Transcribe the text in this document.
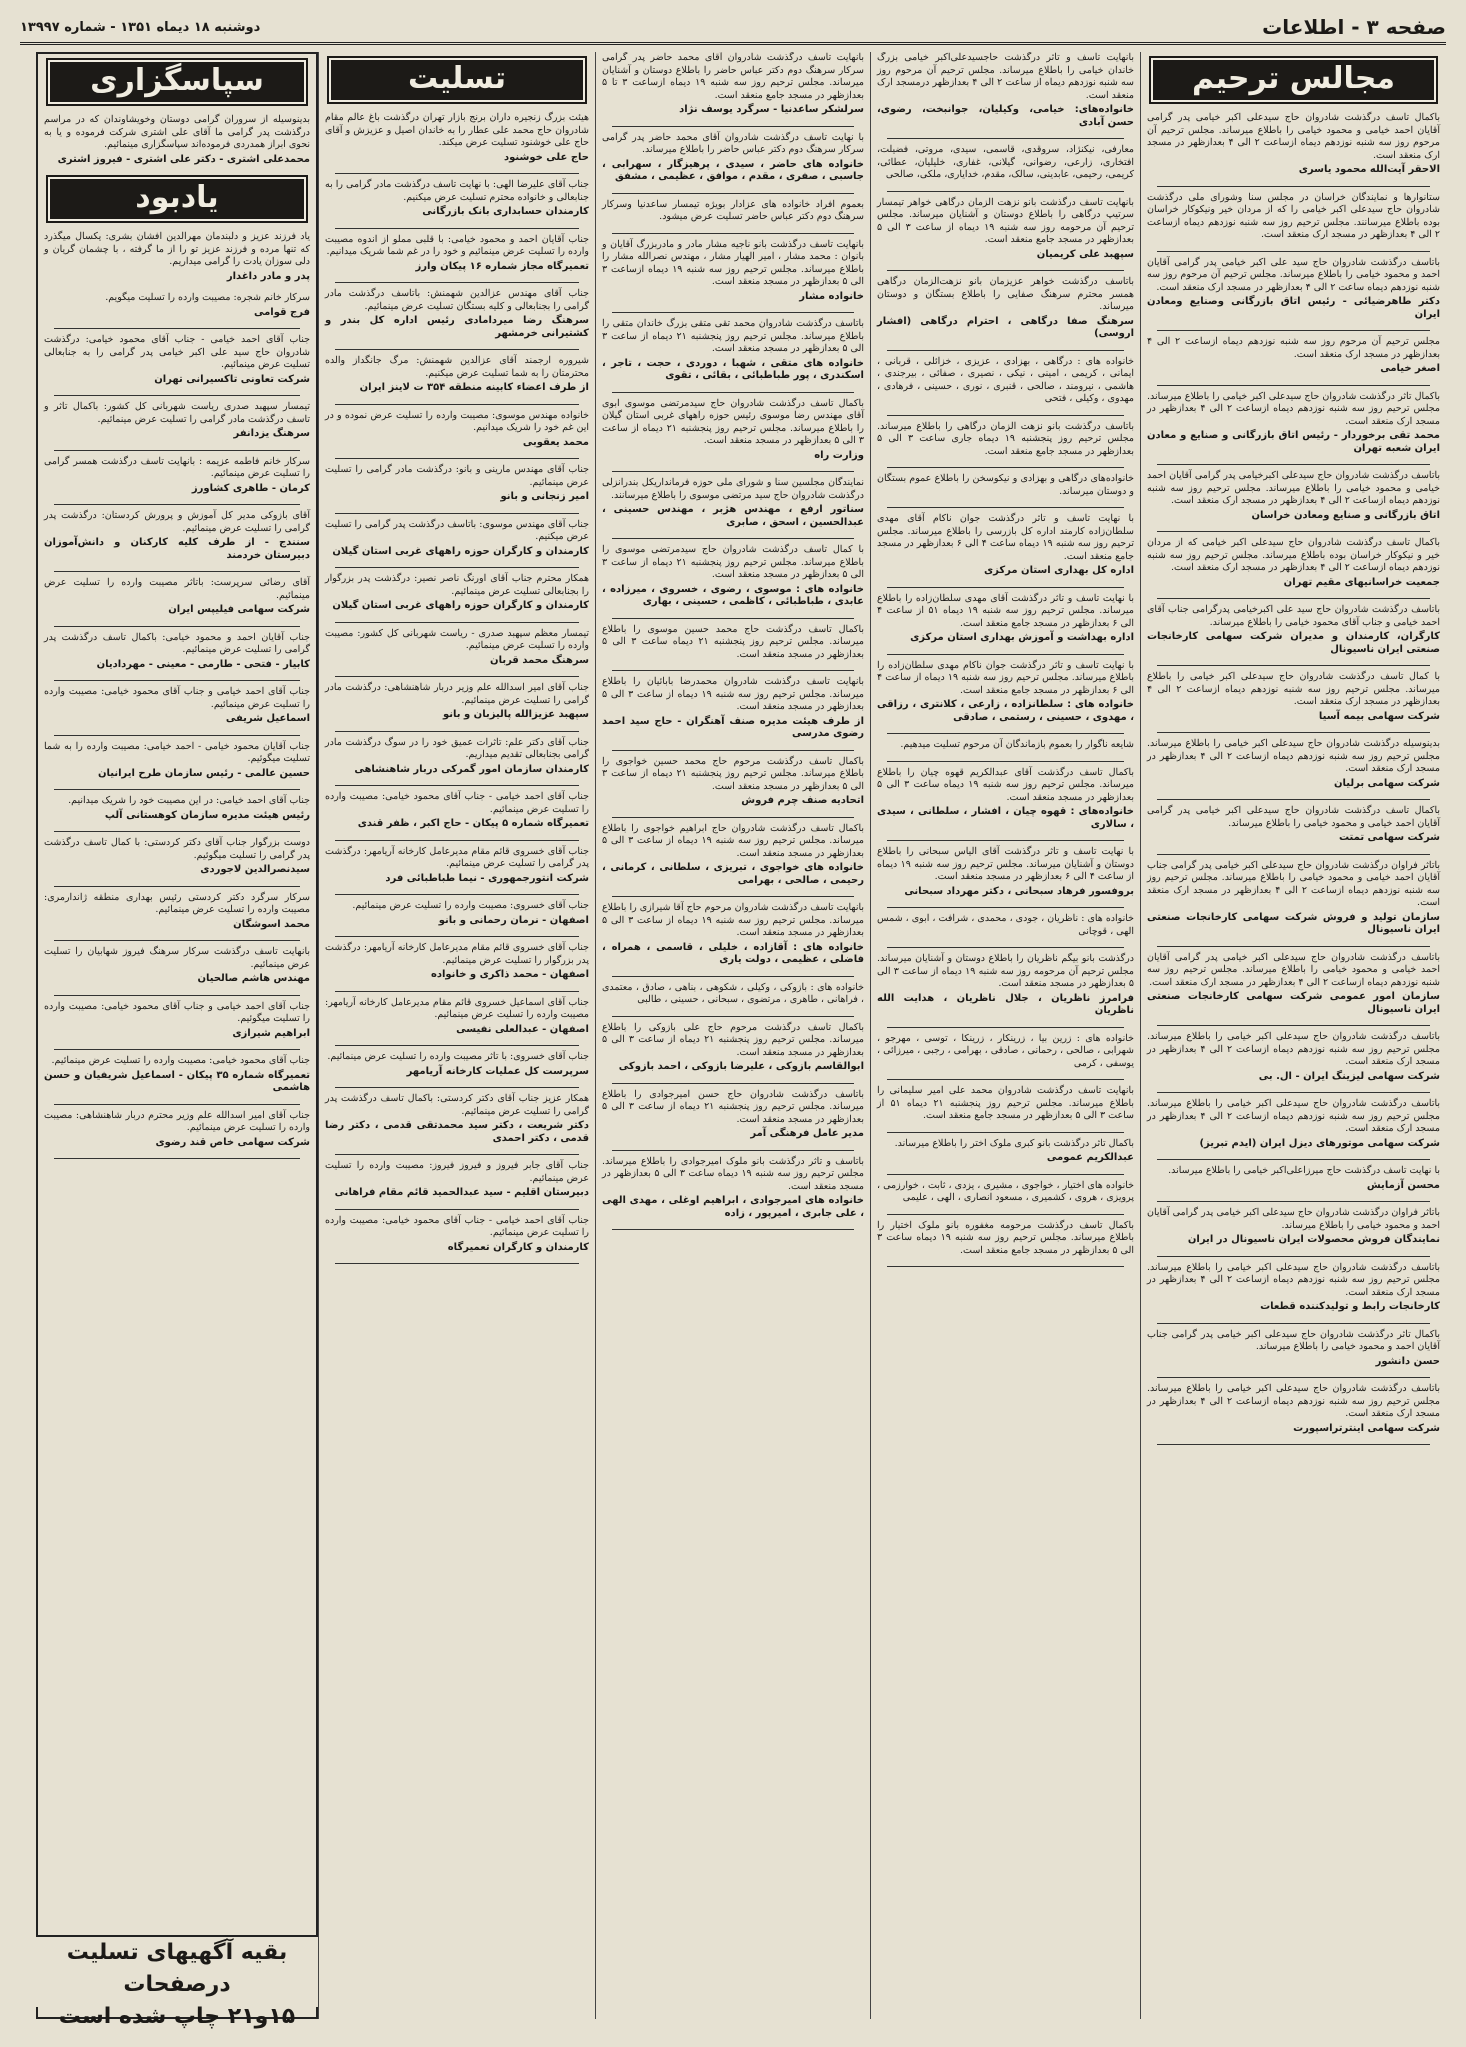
صفحه ۳ - اطلاعات
دوشنبه ۱۸ دیماه ۱۳۵۱ - شماره ۱۳۹۹۷
مجالس ترحیم

باکمال تاسف درگذشت شادروان حاج سیدعلی اکبر خیامی پدر گرامی آقایان احمد خیامی و محمود خیامی را باطلاع میرساند. مجلس ترحیم آن مرحوم روز سه شنبه نوزدهم دیماه ازساعت ۲ الی ۴ بعدازظهر در مسجد ارک منعقد است.

الاحقر آیت‌الله محمود یاسری

ستانوارها و نمایندگان خراسان در مجلس سنا وشورای ملی درگذشت شادروان حاج سیدعلی اکبر خیامی را که از مردان خیر ونیکوکار خراسان بوده باطلاع میرسانند. مجلس ترحیم روز سه شنبه نوزدهم دیماه ازساعت ۲ الی ۴ بعدازظهر در مسجد ارک منعقد است.

باتاسف درگذشت شادروان حاج سید علی اکبر خیامی پدر گرامی آقایان احمد و محمود خیامی را باطلاع میرساند. مجلس ترحیم آن مرحوم روز سه شنبه نوزدهم دیماه ساعت ۲ الی ۴ بعدازظهر در مسجد ارک منعقد است.

دکتر طاهرضیائی - رئیس اتاق بازرگانی وصنایع ومعادن ایران

مجلس ترحیم آن مرحوم روز سه شنبه نوزدهم دیماه ازساعت ۲ الی ۴ بعدازظهر در مسجد ارک منعقد است.

اصغر خیامی

باکمال تاثر درگذشت شادروان حاج سیدعلی اکبر خیامی را باطلاع میرساند. مجلس ترحیم روز سه شنبه نوزدهم دیماه ازساعت ۲ الی ۴ بعدازظهر در مسجد ارک منعقد است.

محمد تقی برخوردار - رئیس اتاق بازرگانی و صنایع و معادن ایران شعبه تهران

باتاسف درگذشت شادروان حاج سیدعلی اکبرخیامی پدر گرامی آقایان احمد خیامی و محمود خیامی را باطلاع میرساند. مجلس ترحیم روز سه شنبه نوزدهم دیماه ازساعت ۲ الی ۴ بعدازظهر در مسجد ارک منعقد است.

اتاق بازرگانی و صنایع ومعادن خراسان

باکمال تاسف درگذشت شادروان حاج سیدعلی اکبر خیامی که از مردان خیر و نیکوکار خراسان بوده باطلاع میرساند. مجلس ترحیم روز سه شنبه نوزدهم دیماه ازساعت ۲ الی ۴ بعدازظهر در مسجد ارک منعقد است.

جمعیت خراسانیهای مقیم تهران

باتاسف درگذشت شادروان حاج سید علی اکبرخیامی پدرگرامی جناب آقای احمد خیامی و جناب آقای محمود خیامی را باطلاع میرساند.

کارگران، کارمندان و مدیران شرکت سهامی کارخانجات صنعتی ایران ناسیونال

با کمال تاسف درگذشت شادروان حاج سیدعلی اکبر خیامی را باطلاع میرساند. مجلس ترحیم روز سه شنبه نوزدهم دیماه ازساعت ۲ الی ۴ بعدازظهر در مسجد ارک منعقد است.

شرکت سهامی بیمه آسیا

بدینوسیله درگذشت شادروان حاج سیدعلی اکبر خیامی را باطلاع میرساند. مجلس ترحیم روز سه شنبه نوزدهم دیماه ازساعت ۲ الی ۴ بعدازظهر در مسجد ارک منعقد است.

شرکت سهامی برلیان

باکمال تاسف درگذشت شادروان حاج سیدعلی اکبر خیامی پدر گرامی آقایان احمد خیامی و محمود خیامی را باطلاع میرساند.

شرکت سهامی تمتت

باتاثر فراوان درگذشت شادروان حاج سیدعلی اکبر خیامی پدر گرامی جناب آقایان احمد خیامی و محمود خیامی را باطلاع میرساند. مجلس ترحیم روز سه شنبه نوزدهم دیماه ازساعت ۲ الی ۴ بعدازظهر در مسجد ارک منعقد است.

سازمان تولید و فروش شرکت سهامی کارخانجات صنعتی ایران ناسیونال

باتاسف درگذشت شادروان حاج سیدعلی اکبر خیامی پدر گرامی آقایان احمد خیامی و محمود خیامی را باطلاع میرساند. مجلس ترحیم روز سه شنبه نوزدهم دیماه ازساعت ۲ الی ۴ بعدازظهر در مسجد ارک منعقد است.

سازمان امور عمومی شرکت سهامی کارخانجات صنعتی ایران ناسیونال

باتاسف درگذشت شادروان حاج سیدعلی اکبر خیامی را باطلاع میرساند. مجلس ترحیم روز سه شنبه نوزدهم دیماه ازساعت ۲ الی ۴ بعدازظهر در مسجد ارک منعقد است.

شرکت سهامی لیزینگ ایران - ال. بی

باتاسف درگذشت شادروان حاج سیدعلی اکبر خیامی را باطلاع میرساند. مجلس ترحیم روز سه شنبه نوزدهم دیماه ازساعت ۲ الی ۴ بعدازظهر در مسجد ارک منعقد است.

شرکت سهامی موتورهای دیزل ایران (ایدم تبریز)

با نهایت تاسف درگذشت حاج میرزاعلی‌اکبر خیامی را باطلاع میرساند.

محسن آزمایش

باتاثر فراوان درگذشت شادروان حاج سیدعلی اکبر خیامی پدر گرامی آقایان احمد و محمود خیامی را باطلاع میرساند.

نمایندگان فروش محصولات ایران ناسیونال در ایران

باتاسف درگذشت شادروان حاج سیدعلی اکبر خیامی را باطلاع میرساند. مجلس ترحیم روز سه شنبه نوزدهم دیماه ازساعت ۲ الی ۴ بعدازظهر در مسجد ارک منعقد است.

کارخانجات رابط و تولیدکننده قطعات

باکمال تاثر درگذشت شادروان حاج سیدعلی اکبر خیامی پدر گرامی جناب آقایان احمد و محمود خیامی را باطلاع میرساند.

حسن دانشور

باتاسف درگذشت شادروان حاج سیدعلی اکبر خیامی را باطلاع میرساند. مجلس ترحیم روز سه شنبه نوزدهم دیماه ازساعت ۲ الی ۴ بعدازظهر در مسجد ارک منعقد است.

شرکت سهامی اینترتراسپورت

بانهایت تاسف و تاثر درگذشت حاجسیدعلی‌اکبر خیامی بزرگ خاندان خیامی را باطلاع میرساند. مجلس ترحیم آن مرحوم روز سه شنبه نوزدهم دیماه از ساعت ۲ الی ۴ بعدازظهر درمسجد ارک منعقد است.

خانواده‌های: خیامی، وکیلیان، جوانبخت، رضوی، حسن آبادی

معارفی، نیکنژاد، سروقدی، قاسمی، سیدی، مروتی، فضیلت، افتخاری، زارعی، رضوانی، گیلانی، غفاری، خلیلیان، عطائی، کریمی، رحیمی، عابدینی، سالک، مقدم، خدایاری، ملکی، صالحی

بانهایت تاسف درگذشت بانو نزهت الزمان درگاهی خواهر تیمسار سرتیپ درگاهی را باطلاع دوستان و آشنایان میرساند. مجلس ترحیم آن مرحومه روز سه شنبه ۱۹ دیماه از ساعت ۳ الی ۵ بعدازظهر در مسجد جامع منعقد است.

سپهبد علی کریمیان

باتاسف درگذشت خواهر عزیزمان بانو نزهت‌الزمان درگاهی همسر محترم سرهنگ صفایی را باطلاع بستگان و دوستان میرساند.

سرهنگ صفا درگاهی ، احترام درگاهی (افشار اروسی)

خانواده های : درگاهی ، بهزادی ، عزیزی ، خزائلی ، قربانی ، ایمانی ، کریمی ، امینی ، نیکی ، نصیری ، صفائی ، بیرجندی ، هاشمی ، نیرومند ، صالحی ، قنبری ، نوری ، حسینی ، فرهادی ، مهدوی ، وکیلی ، فتحی

باتاسف درگذشت بانو نزهت الزمان درگاهی را باطلاع میرساند. مجلس ترحیم روز پنجشنبه ۱۹ دیماه جاری ساعت ۳ الی ۵ بعدازظهر در مسجد جامع منعقد است.

خانواده‌های درگاهی و بهزادی و نیکوسخن را باطلاع عموم بستگان و دوستان میرساند.

با نهایت تاسف و تاثر درگذشت جوان ناکام آقای مهدی سلطان‌زاده کارمند اداره کل بازرسی را باطلاع میرساند. مجلس ترحیم روز سه شنبه ۱۹ دیماه ساعت ۴ الی ۶ بعدازظهر در مسجد جامع منعقد است.

اداره کل بهداری استان مرکزی

با نهایت تاسف و تاثر درگذشت آقای مهدی سلطان‌زاده را باطلاع میرساند. مجلس ترحیم روز سه شنبه ۱۹ دیماه ۵۱ از ساعت ۴ الی ۶ بعدازظهر در مسجد جامع منعقد است.

اداره بهداشت و آموزش بهداری استان مرکزی

با نهایت تاسف و تاثر درگذشت جوان ناکام مهدی سلطان‌زاده را باطلاع میرساند. مجلس ترحیم روز سه شنبه ۱۹ دیماه از ساعت ۴ الی ۶ بعدازظهر در مسجد جامع منعقد است.

خانواده های : سلطانزاده ، زارعی ، کلانتری ، رزاقی ، مهدوی ، حسینی ، رستمی ، صادقی

شایعه ناگوار را بعموم بازماندگان آن مرحوم تسلیت میدهیم.

باکمال تاسف درگذشت آقای عبدالکریم قهوه چیان را باطلاع میرساند. مجلس ترحیم روز سه شنبه ۱۹ دیماه ساعت ۳ الی ۵ بعدازظهر در مسجد منعقد است.

خانواده‌های : قهوه چیان ، افشار ، سلطانی ، سیدی ، سالاری

با نهایت تاسف و تاثر درگذشت آقای الیاس سبحانی را باطلاع دوستان و آشنایان میرساند. مجلس ترحیم روز سه شنبه ۱۹ دیماه از ساعت ۴ الی ۶ بعدازظهر در مسجد منعقد است.

بروفسور فرهاد سبحانی ، دکتر مهرداد سبحانی

خانواده های : ناظریان ، جودی ، محمدی ، شرافت ، ابوی ، شمس الهی ، قوچانی

درگذشت بانو بیگم ناظریان را باطلاع دوستان و آشنایان میرساند. مجلس ترحیم آن مرحومه روز سه شنبه ۱۹ دیماه از ساعت ۳ الی ۵ بعدازظهر در مسجد منعقد است.

فرامرز ناظریان ، جلال ناظریان ، هدایت الله ناظریان

خانواده های : زرین بیا ، زرینکار ، زرینکا ، توسی ، مهرجو ، شهرابی ، صالحی ، رحمانی ، صادقی ، بهرامی ، رجبی ، میرزائی ، یوسفی ، کرمی

بانهایت تاسف درگذشت شادروان محمد علی امیر سلیمانی را باطلاع میرساند. مجلس ترحیم روز پنجشنبه ۲۱ دیماه ۵۱ از ساعت ۳ الی ۵ بعدازظهر در مسجد جامع منعقد است.

باکمال تاثر درگذشت بانو کبری ملوک اختر را باطلاع میرساند.

عبدالکریم عمومی

خانواده های اختیار ، خواجوی ، مشیری ، یزدی ، ثابت ، خوارزمی ، پرویزی ، هروی ، کشمیری ، مسعود انصاری ، الهی ، علیمی

باکمال تاسف درگذشت مرحومه مغفوره بانو ملوک اختیار را باطلاع میرساند. مجلس ترحیم روز سه شنبه ۱۹ دیماه ساعت ۳ الی ۵ بعدازظهر در مسجد جامع منعقد است.

بانهایت تاسف درگذشت شادروان آقای محمد حاضر پدر گرامی سرکار سرهنگ دوم دکتر عباس حاضر را باطلاع دوستان و آشنایان میرساند. مجلس ترحیم روز سه شنبه ۱۹ دیماه ازساعت ۳ تا ۵ بعدازظهر در مسجد جامع منعقد است.

سرلشکر ساعدنیا - سرگرد یوسف نژاد

با نهایت تاسف درگذشت شادروان آقای محمد حاضر پدر گرامی سرکار سرهنگ دوم دکتر عباس حاضر را باطلاع میرساند.

خانواده های حاضر ، سیدی ، پرهیزگار ، سهرابی ، جاسبی ، صفری ، مقدم ، موافق ، عظیمی ، مشفق

بعموم افراد خانواده های عزادار بویژه تیمسار ساعدنیا وسرکار سرهنگ دوم دکتر عباس حاضر تسلیت عرض میشود.

بانهایت تاسف درگذشت بانو ناجیه مشار مادر و مادربزرگ آقایان و بانوان : محمد مشار ، امیر الهیار مشار ، مهندس نصرالله مشار را باطلاع میرساند. مجلس ترحیم روز سه شنبه ۱۹ دیماه ازساعت ۳ الی ۵ بعدازظهر در مسجد منعقد است.

خانواده مشار

باتاسف درگذشت شادروان محمد تقی متقی بزرگ خاندان متقی را باطلاع میرساند. مجلس ترحیم روز پنجشنبه ۲۱ دیماه از ساعت ۳ الی ۵ بعدازظهر در مسجد منعقد است.

خانواده های متقی ، شهبا ، دوردی ، حجت ، تاجر ، اسکندری ، پور طباطبائی ، بقائی ، تقوی

باکمال تاسف درگذشت شادروان حاج سیدمرتضی موسوی ابوی آقای مهندس رضا موسوی رئیس حوزه راههای غربی استان گیلان را باطلاع میرساند. مجلس ترحیم روز پنجشنبه ۲۱ دیماه از ساعت ۳ الی ۵ بعدازظهر در مسجد منعقد است.

وزارت راه

نمایندگان مجلسین سنا و شورای ملی حوزه فرمانداریکل بندرانزلی درگذشت شادروان حاج سید مرتضی موسوی را باطلاع میرسانند.

سناتور ارفع ، مهندس هژبر ، مهندس حسینی ، عبدالحسین ، اسحق ، صابری

با کمال تاسف درگذشت شادروان حاج سیدمرتضی موسوی را باطلاع میرساند. مجلس ترحیم روز پنجشنبه ۲۱ دیماه از ساعت ۳ الی ۵ بعدازظهر در مسجد منعقد است.

خانواده های : موسوی ، رضوی ، خسروی ، میرزاده ، عابدی ، طباطبائی ، کاظمی ، حسینی ، بهاری

باکمال تاسف درگذشت حاج محمد حسین موسوی را باطلاع میرساند. مجلس ترحیم روز پنجشنبه ۲۱ دیماه ساعت ۳ الی ۵ بعدازظهر در مسجد منعقد است.

بانهایت تاسف درگذشت شادروان محمدرضا بابائیان را باطلاع میرساند. مجلس ترحیم روز سه شنبه ۱۹ دیماه از ساعت ۳ الی ۵ بعدازظهر در مسجد منعقد است.

از طرف هیئت مدیره صنف آهنگران - حاج سید احمد رضوی مدرسی

باکمال تاسف درگذشت مرحوم حاج محمد حسین خواجوی را باطلاع میرساند. مجلس ترحیم روز پنجشنبه ۲۱ دیماه از ساعت ۳ الی ۵ بعدازظهر در مسجد منعقد است.

اتحادیه صنف چرم فروش

باکمال تاسف درگذشت شادروان حاج ابراهیم خواجوی را باطلاع میرساند. مجلس ترحیم روز سه شنبه ۱۹ دیماه از ساعت ۳ الی ۵ بعدازظهر در مسجد منعقد است.

خانواده های خواجوی ، تبریزی ، سلطانی ، کرمانی ، رحیمی ، صالحی ، بهرامی

بانهایت تاسف درگذشت شادروان مرحوم حاج آقا شیرازی را باطلاع میرساند. مجلس ترحیم روز سه شنبه ۱۹ دیماه از ساعت ۳ الی ۵ بعدازظهر در مسجد منعقد است.

خانواده های : آقازاده ، خلیلی ، قاسمی ، همراه ، فاضلی ، عظیمی ، دولت یاری

خانواده های : بازوکی ، وکیلی ، شکوهی ، بناهی ، صادق ، معتمدی ، فراهانی ، طاهری ، مرتضوی ، سبحانی ، حسینی ، طالبی

باکمال تاسف درگذشت مرحوم حاج علی بازوکی را باطلاع میرساند. مجلس ترحیم روز پنجشنبه ۲۱ دیماه از ساعت ۳ الی ۵ بعدازظهر در مسجد منعقد است.

ابوالقاسم بازوکی ، علیرضا بازوکی ، احمد بازوکی

باتاسف درگذشت شادروان حاج حسن امیرجوادی را باطلاع میرساند. مجلس ترحیم روز پنجشنبه ۲۱ دیماه از ساعت ۳ الی ۵ بعدازظهر در مسجد منعقد است.

مدیر عامل فرهنگی آمر

باتاسف و تاثر درگذشت بانو ملوک امیرجوادی را باطلاع میرساند. مجلس ترحیم روز سه شنبه ۱۹ دیماه ساعت ۳ الی ۵ بعدازظهر در مسجد منعقد است.

خانواده های امیرجوادی ، ابراهیم اوغلی ، مهدی الهی ، علی جابری ، امیرپور ، زاده
تسلیت

هیئت بزرگ زنجیره داران برنج بازار تهران درگذشت باغ عالم مقام شادروان حاج محمد علی عطار را به خاندان اصیل و عزیزش و آقای حاج علی خوشنود تسلیت عرض میکند.

حاج علی خوشنود

جناب آقای علیرضا الهی: با نهایت تاسف درگذشت مادر گرامی را به جنابعالی و خانواده محترم تسلیت عرض میکنیم.

کارمندان حسابداری بانک بازرگانی

جناب آقایان احمد و محمود خیامی: با قلبی مملو از اندوه مصیبت وارده را تسلیت عرض مینمائیم و خود را در غم شما شریک میدانیم.

تعمیرگاه مجاز شماره ۱۶ پیکان وارز

جناب آقای مهندس عزالدین شهمنش: باتاسف درگذشت مادر گرامی را بجنابعالی و کلیه بستگان تسلیت عرض مینمائیم.

سرهنگ رضا میردامادی رئیس اداره کل بندر و کشتیرانی خرمشهر

شیروره ارجمند آقای عزالدین شهمنش: مرگ جانگداز والده محترمتان را به شما تسلیت عرض میکنیم.

از طرف اعضاء کابینه منطقه ۳۵۴ ت لاینز ایران

خانواده مهندس موسوی: مصیبت وارده را تسلیت عرض نموده و در این غم خود را شریک میدانیم.

محمد یعقوبی

جناب آقای مهندس مارینی و بانو: درگذشت مادر گرامی را تسلیت عرض مینمائیم.

امیر زنجانی و بانو

جناب آقای مهندس موسوی: باتاسف درگذشت پدر گرامی را تسلیت عرض میکنیم.

کارمندان و کارگران حوزه راههای غربی استان گیلان

همکار محترم جناب آقای اورنگ ناصر نصیر: درگذشت پدر بزرگوار را بجنابعالی تسلیت عرض مینمائیم.

کارمندان و کارگران حوزه راههای غربی استان گیلان

تیمسار معظم سپهبد صدری - ریاست شهربانی کل کشور: مصیبت وارده را تسلیت عرض مینمائیم.

سرهنگ محمد قربان

جناب آقای امیر اسدالله علم وزیر دربار شاهنشاهی: درگذشت مادر گرامی را تسلیت عرض مینمائیم.

سپهبد عزیزالله پالیزبان و بانو

جناب آقای دکتر علم: تاثرات عمیق خود را در سوگ درگذشت مادر گرامی بجنابعالی تقدیم میداریم.

کارمندان سازمان امور گمرکی دربار شاهنشاهی

جناب آقای احمد خیامی - جناب آقای محمود خیامی: مصیبت وارده را تسلیت عرض مینمائیم.

تعمیرگاه شماره ۵ پیکان - حاج اکبر ، ظفر قندی

جناب آقای خسروی قائم مقام مدیرعامل کارخانه آریامهر: درگذشت پدر گرامی را تسلیت عرض مینمائیم.

شرکت انتورجمهوری - نیما طباطبائی فرد

جناب آقای خسروی: مصیبت وارده را تسلیت عرض مینمائیم.

اصفهان - نرمان رحمانی و بانو

جناب آقای خسروی قائم مقام مدیرعامل کارخانه آریامهر: درگذشت پدر بزرگوار را تسلیت عرض مینمائیم.

اصفهان - محمد ذاکری و خانواده

جناب آقای اسماعیل خسروی قائم مقام مدیرعامل کارخانه آریامهر: مصیبت وارده را تسلیت عرض مینمائیم.

اصفهان - عبدالعلی نفیسی

جناب آقای خسروی: با تاثر مصیبت وارده را تسلیت عرض مینمائیم.

سرپرست کل عملیات کارخانه آریامهر

همکار عزیز جناب آقای دکتر کردستی: باکمال تاسف درگذشت پدر گرامی را تسلیت عرض مینمائیم.

دکتر شریعت ، دکتر سید محمدتقی قدمی ، دکتر رضا قدمی ، دکتر احمدی

جناب آقای جابر فیروز و فیروز فیروز: مصیبت وارده را تسلیت عرض مینمائیم.

دبیرستان اقلیم - سید عبدالحمید قائم مقام فراهانی

جناب آقای احمد خیامی - جناب آقای محمود خیامی: مصیبت وارده را تسلیت عرض مینمائیم.

کارمندان و کارگران تعمیرگاه
سپاسگزاری

بدینوسیله از سروران گرامی دوستان وخویشاوندان که در مراسم درگذشت پدر گرامی ما آقای علی اشتری شرکت فرموده و یا به نحوی ابراز همدردی فرموده‌اند سپاسگزاری مینمائیم.

محمدعلی اشتری - دکتر علی اشتری - فیروز اشتری
یادبود

یاد فرزند عزیز و دلبندمان مهرالدین افشان بشری: یکسال میگذرد که تنها مرده و فرزند عزیز تو را از ما گرفته ، با چشمان گریان و دلی سوزان یادت را گرامی میداریم.

پدر و مادر داغدار

سرکار خانم شجره: مصیبت وارده را تسلیت میگویم.

فرج قوامی

جناب آقای احمد خیامی - جناب آقای محمود خیامی: درگذشت شادروان حاج سید علی اکبر خیامی پدر گرامی را به جنابعالی تسلیت عرض مینمائیم.

شرکت تعاونی تاکسیرانی تهران

تیمسار سپهبد صدری ریاست شهربانی کل کشور: باکمال تاثر و تاسف درگذشت مادر گرامی را تسلیت عرض مینمائیم.

سرهنگ یزدانفر

سرکار خانم فاطمه عزیمه : بانهایت تاسف درگذشت همسر گرامی را تسلیت عرض مینمائیم.

کرمان - طاهری کشاورز

آقای بازوکی مدیر کل آموزش و پرورش کردستان: درگذشت پدر گرامی را تسلیت عرض مینمائیم.

سنندج - از طرف کلیه کارکنان و دانش‌آموزان دبیرستان خردمند

آقای رضائی سرپرست: باتاثر مصیبت وارده را تسلیت عرض مینمائیم.

شرکت سهامی فیلیپس ایران

جناب آقایان احمد و محمود خیامی: باکمال تاسف درگذشت پدر گرامی را تسلیت عرض مینمائیم.

کابیار - فتحی - طارمی - معینی - مهردادیان

جناب آقای احمد خیامی و جناب آقای محمود خیامی: مصیبت وارده را تسلیت عرض مینمائیم.

اسماعیل شریفی

جناب آقایان محمود خیامی - احمد خیامی: مصیبت وارده را به شما تسلیت میگوئیم.

حسین عالمی - رئیس سازمان طرح ایرانیان

جناب آقای احمد خیامی: در این مصیبت خود را شریک میدانیم.

رئیس هیئت مدیره سازمان کوهستانی آلپ

دوست بزرگوار جناب آقای دکتر کردستی: با کمال تاسف درگذشت پدر گرامی را تسلیت میگوئیم.

سیدنصرالدین لاجوردی

سرکار سرگرد دکتر کردستی رئیس بهداری منطقه ژاندارمری: مصیبت وارده را تسلیت عرض مینمائیم.

محمد اسوشگان

بانهایت تاسف درگذشت سرکار سرهنگ فیروز شهابیان را تسلیت عرض مینمائیم.

مهندس هاشم صالحیان

جناب آقای احمد خیامی و جناب آقای محمود خیامی: مصیبت وارده را تسلیت میگوئیم.

ابراهیم شیرازی

جناب آقای محمود خیامی: مصیبت وارده را تسلیت عرض مینمائیم.

تعمیرگاه شماره ۳۵ پیکان - اسماعیل شریفیان و حسن هاشمی

جناب آقای امیر اسدالله علم وزیر محترم دربار شاهنشاهی: مصیبت وارده را تسلیت عرض مینمائیم.

شرکت سهامی خاص قند رضوی
بقیه آگهیهای تسلیت درصفحات
۱۵و۲۱ چاپ شده است
